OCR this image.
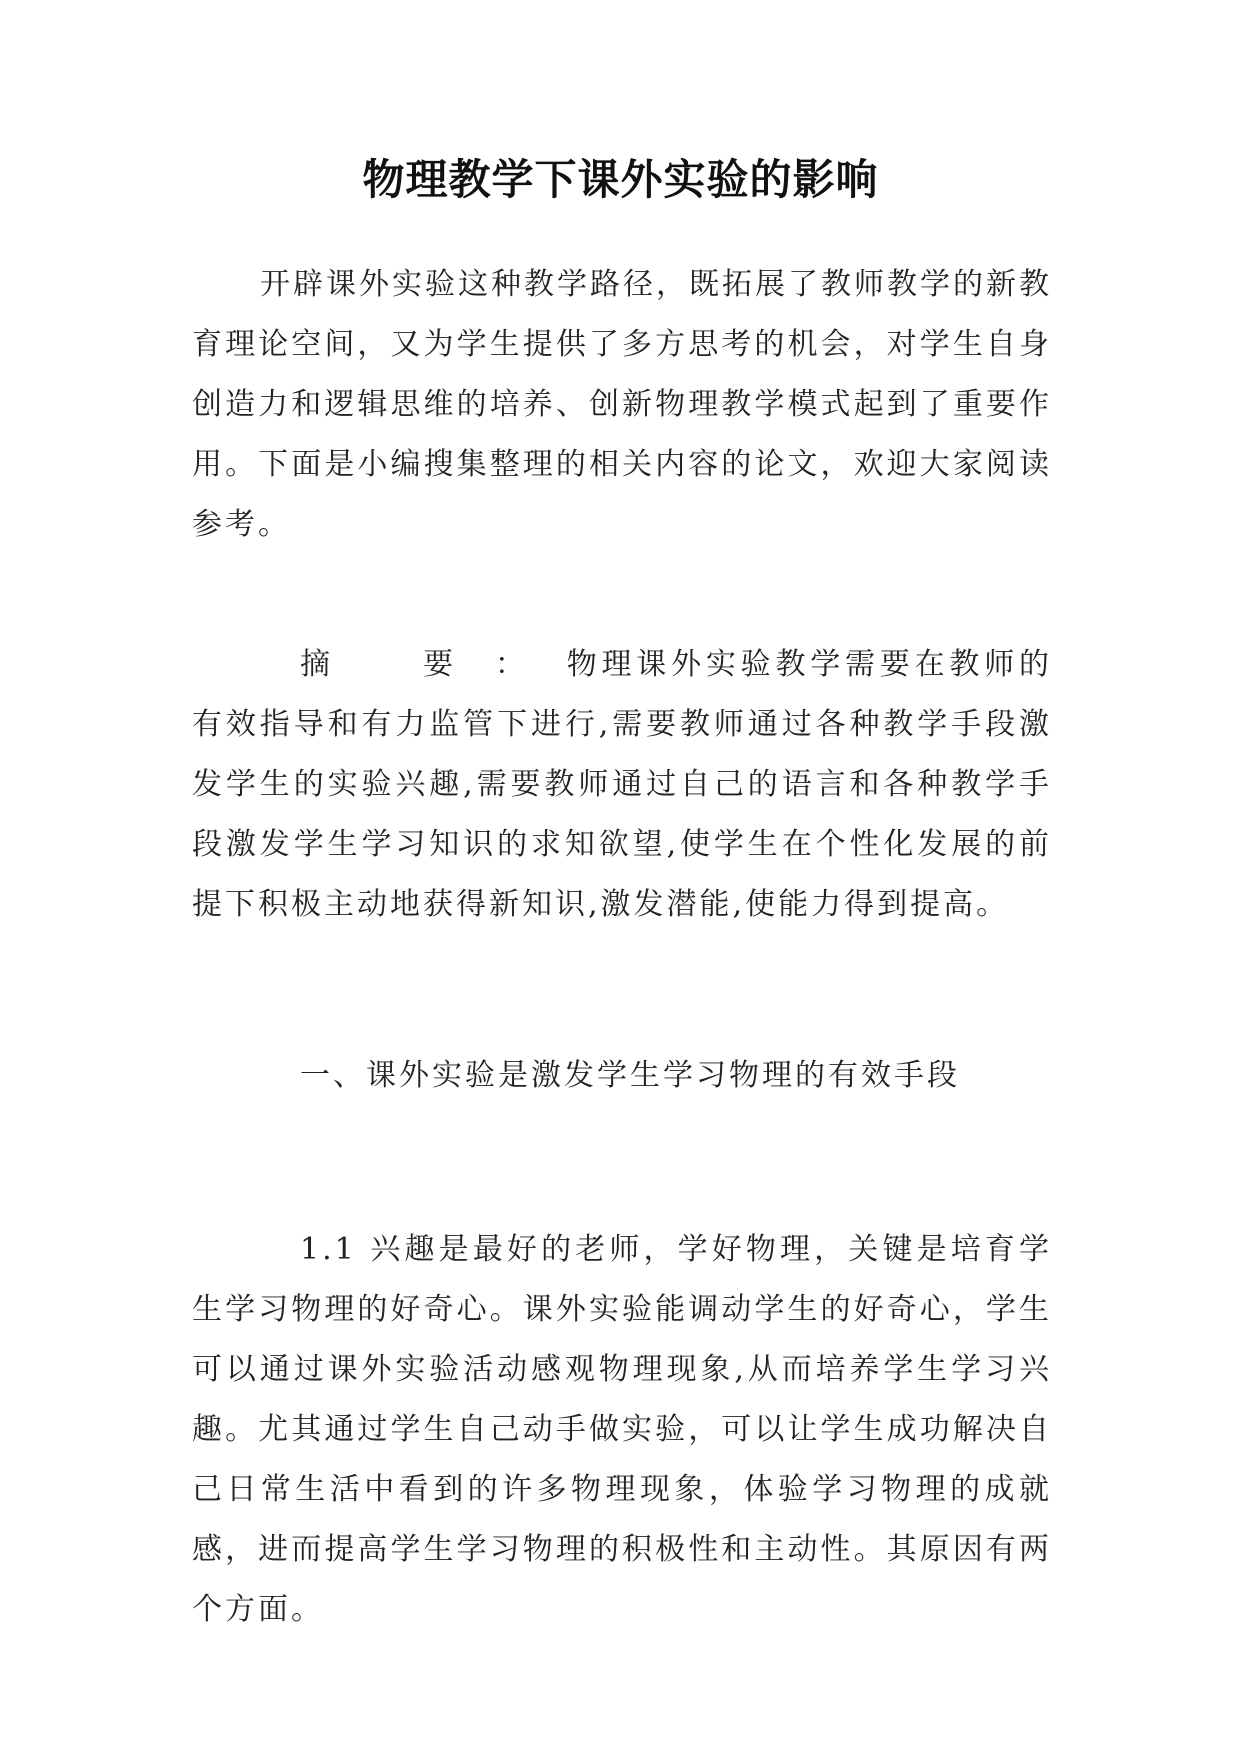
物理教学下课外实验的影响

开辟课外实验这种教学路径，既拓展了教师教学的新教育理论空间，又为学生提供了多方思考的机会，对学生自身创造力和逻辑思维的培养、创新物理教学模式起到了重要作用。下面是小编搜集整理的相关内容的论文，欢迎大家阅读参考。

摘 要：物理课外实验教学需要在教师的有效指导和有力监管下进行,需要教师通过各种教学手段激发学生的实验兴趣,需要教师通过自己的语言和各种教学手段激发学生学习知识的求知欲望,使学生在个性化发展的前提下积极主动地获得新知识,激发潜能,使能力得到提高。

一、课外实验是激发学生学习物理的有效手段

1.1 兴趣是最好的老师，学好物理，关键是培育学生学习物理的好奇心。课外实验能调动学生的好奇心，学生可以通过课外实验活动感观物理现象,从而培养学生学习兴趣。尤其通过学生自己动手做实验，可以让学生成功解决自己日常生活中看到的许多物理现象，体验学习物理的成就感，进而提高学生学习物理的积极性和主动性。其原因有两个方面。
